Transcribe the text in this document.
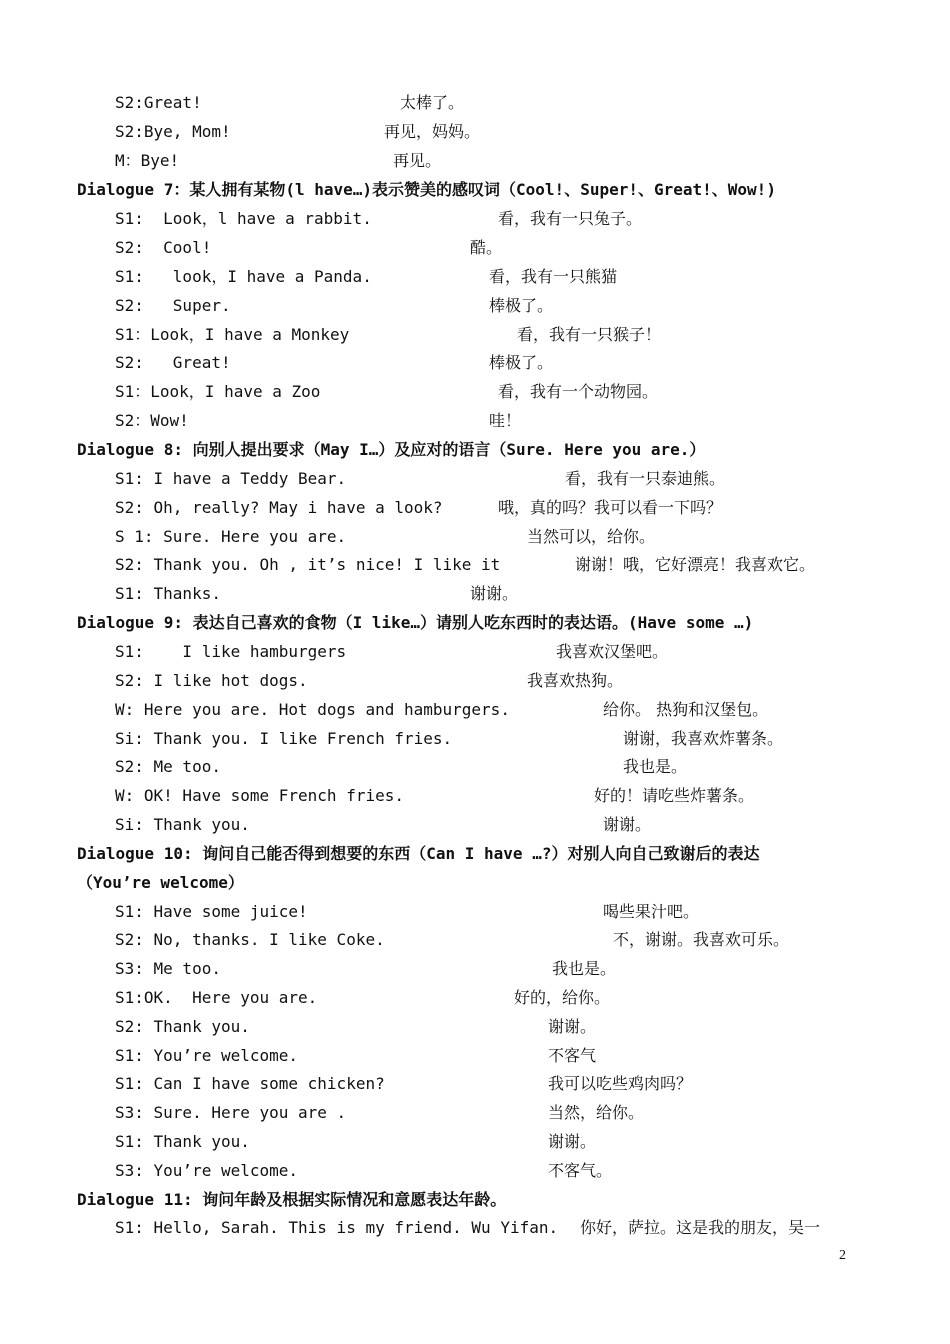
2
S2:Great!	太棒了。
S2:Bye, Mom!	再见，妈妈。
M：Bye!	再见。
Dialogue 7：某人拥有某物(l have…)表示赞美的感叹词（Cool!、Super!、Great!、Wow!)
S1:  Look，l have a rabbit.	看，我有一只兔子。
S2:  Cool!	酷。
S1:   look，I have a Panda.	看，我有一只熊猫
S2:   Super.	棒极了。
S1：Look，I have a Monkey	看，我有一只猴子！
S2:   Great!	棒极了。
S1：Look，I have a Zoo	看，我有一个动物园。
S2：Wow!	哇！
Dialogue 8: 向别人提出要求（May I…）及应对的语言（Sure. Here you are.）
S1: I have a Teddy Bear.	看，我有一只泰迪熊。
S2: Oh, really? May i have a look?	哦，真的吗？我可以看一下吗？
S 1: Sure. Here you are.	当然可以，给你。
S2: Thank you. Oh , it’s nice! I like it	谢谢！哦，它好漂亮！我喜欢它。
S1: Thanks.	谢谢。
Dialogue 9: 表达自己喜欢的食物（I like…）请别人吃东西时的表达语。(Have some …)
S1:    I like hamburgers	我喜欢汉堡吧。
S2: I like hot dogs.	我喜欢热狗。
W: Here you are. Hot dogs and hamburgers.	给你。 热狗和汉堡包。
Si: Thank you. I like French fries.	谢谢，我喜欢炸薯条。
S2: Me too.	我也是。
W: OK! Have some French fries.	好的！请吃些炸薯条。
Si: Thank you.	谢谢。
Dialogue 10: 询问自己能否得到想要的东西（Can I have …?）对别人向自己致谢后的表达
（You’re welcome）
S1: Have some juice!	喝些果汁吧。
S2: No, thanks. I like Coke.	不，谢谢。我喜欢可乐。
S3: Me too.	我也是。
S1:OK.  Here you are.	好的，给你。
S2: Thank you.	谢谢。
S1: You’re welcome.	不客气
S1: Can I have some chicken?	我可以吃些鸡肉吗？
S3: Sure. Here you are .	当然，给你。
S1: Thank you.	谢谢。
S3: You’re welcome.	不客气。
Dialogue 11: 询问年龄及根据实际情况和意愿表达年龄。
S1: Hello, Sarah. This is my friend. Wu Yifan. 你好，萨拉。这是我的朋友，吴一
